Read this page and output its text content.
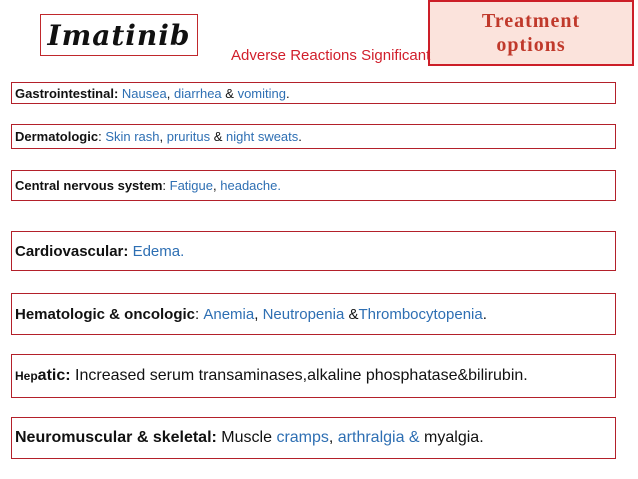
Imatinib	Treatment
options
Adverse Reactions Significant
Gastrointestinal:
Nausea , diarrhea & vomiting .
Dermatologic : Skin rash , pruritus & night sweats .
Central nervous system : Fatigue , headache.
Cardiovascular:
Edema.
Hematologic & oncologic : Anemia , Neutropenia & Thrombocytopenia .
Hep atic: Increased serum transaminases,alkaline phosphatase&bilirubin.
Neuromuscular & skeletal: Muscle cramps , arthralgia & myalgia.
